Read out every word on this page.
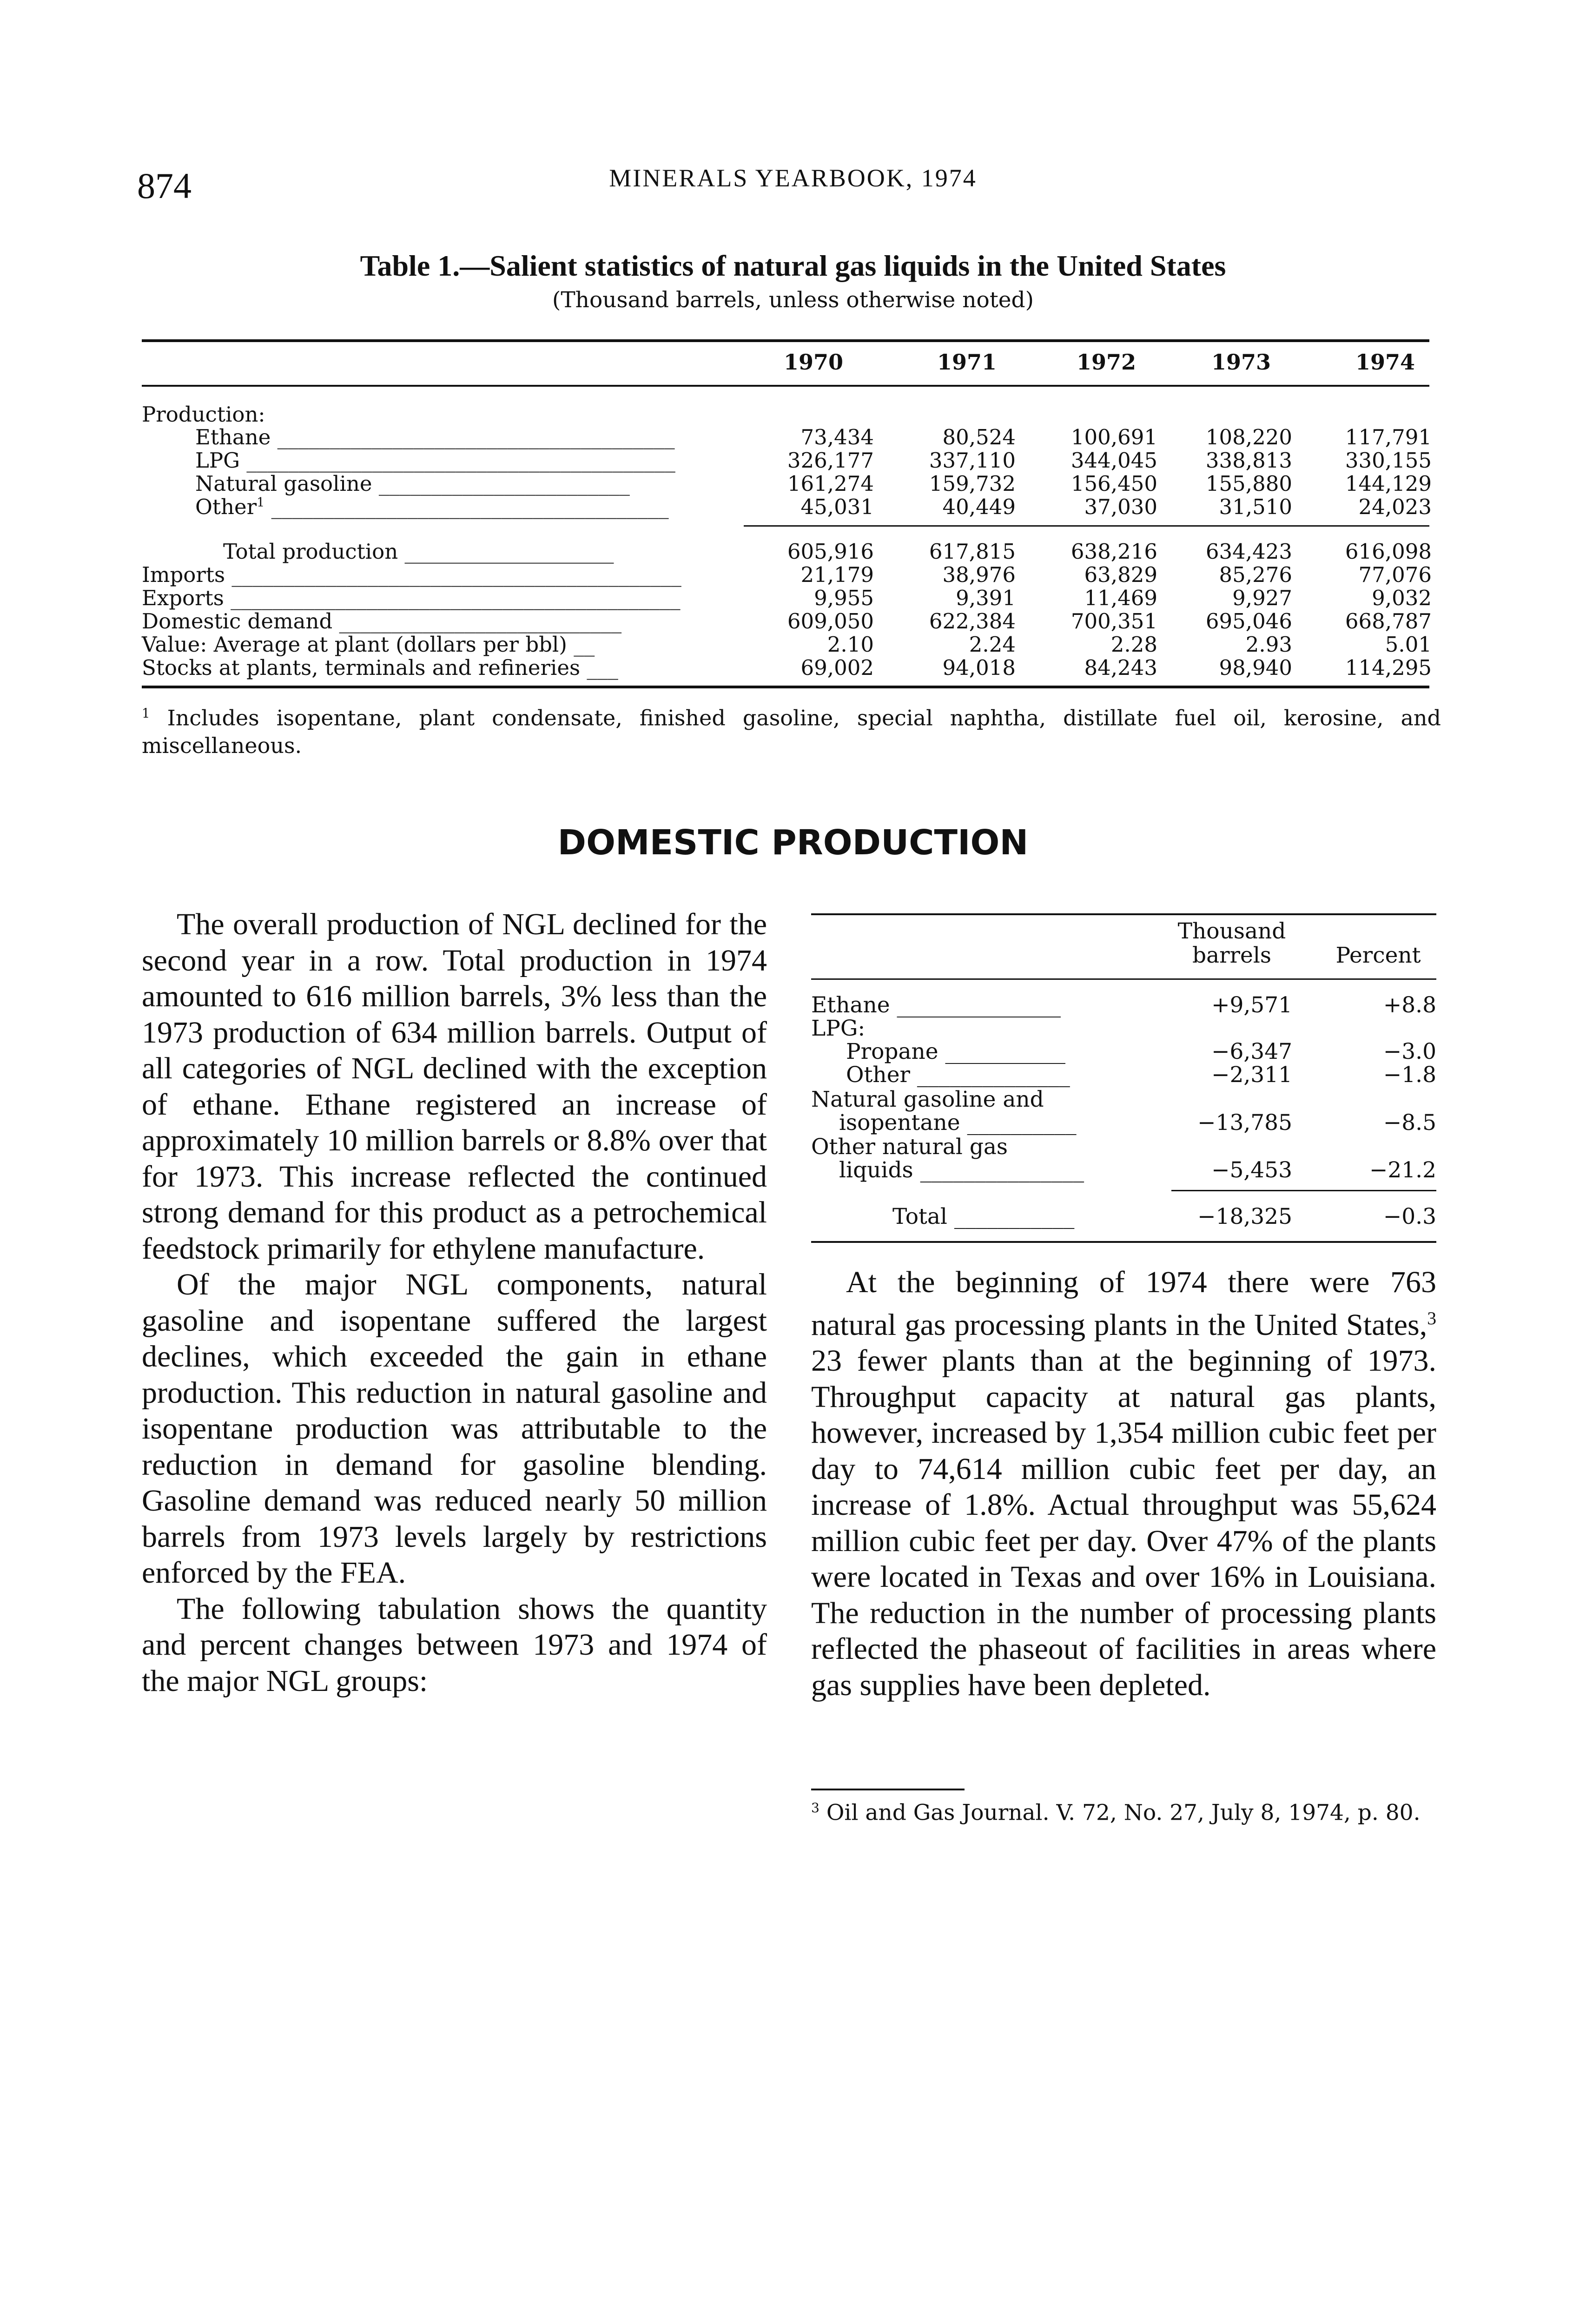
874	MINERALS YEARBOOK, 1974
Table 1.—Salient statistics of natural gas liquids in the United States
(Thousand barrels, unless otherwise noted)
1970	1971	1972	1973	1974
Production:
Ethane ______________________________________	73,434	80,524	100,691	108,220	117,791
LPG _________________________________________	326,177	337,110	344,045	338,813	330,155
Natural gasoline ________________________	161,274	159,732	156,450	155,880	144,129
Other$^1$ ______________________________________	45,031	40,449	37,030	31,510	24,023
Total production ____________________	605,916	617,815	638,216	634,423	616,098
Imports ___________________________________________	21,179	38,976	63,829	85,276	77,076
Exports ___________________________________________	9,955	9,391	11,469	9,927	9,032
Domestic demand ___________________________	609,050	622,384	700,351	695,046	668,787
Value: Average at plant (dollars per bbl) __	2.10	2.24	2.28	2.93	5.01
Stocks at plants, terminals and refineries ___	69,002	94,018	84,243	98,940	114,295
$^1$ Includes isopentane, plant condensate, finished gasoline, special naphtha, distillate fuel oil, kerosine, and miscellaneous.
DOMESTIC PRODUCTION

The overall production of NGL declined for the second year in a row. Total production in 1974 amounted to 616 million barrels, 3% less than the 1973 production of 634 million barrels. Output of all categories of NGL declined with the exception of ethane. Ethane registered an increase of approximately 10 million barrels or 8.8% over that for 1973. This increase reflected the continued strong demand for this product as a petrochemical feedstock primarily for ethylene manufacture.

Of the major NGL components, natural gasoline and isopentane suffered the largest declines, which exceeded the gain in ethane production. This reduction in natural gasoline and isopentane production was attributable to the reduction in demand for gasoline blending. Gasoline demand was reduced nearly 50 million barrels from 1973 levels largely by restrictions enforced by the FEA.

The following tabulation shows the quantity and percent changes between 1973 and 1974 of the major NGL groups:

Thousand
barrels	Percent
Ethane _______________	+9,571	+8.8
LPG:
Propane ___________	−6,347	−3.0
Other ______________	−2,311	−1.8
Natural gasoline and
isopentane __________	−13,785	−8.5
Other natural gas
liquids _______________	−5,453	−21.2
Total ___________	−18,325	−0.3

At the beginning of 1974 there were 763 natural gas processing plants in the United States,$^3$ 23 fewer plants than at the beginning of 1973. Throughput capacity at natural gas plants, however, increased by 1,354 million cubic feet per day to 74,614 million cubic feet per day, an increase of 1.8%. Actual throughput was 55,624 million cubic feet per day. Over 47% of the plants were located in Texas and over 16% in Louisiana. The reduction in the number of processing plants reflected the phaseout of facilities in areas where gas supplies have been depleted.

$^3$ Oil and Gas Journal. V. 72, No. 27, July 8, 1974, p. 80.
